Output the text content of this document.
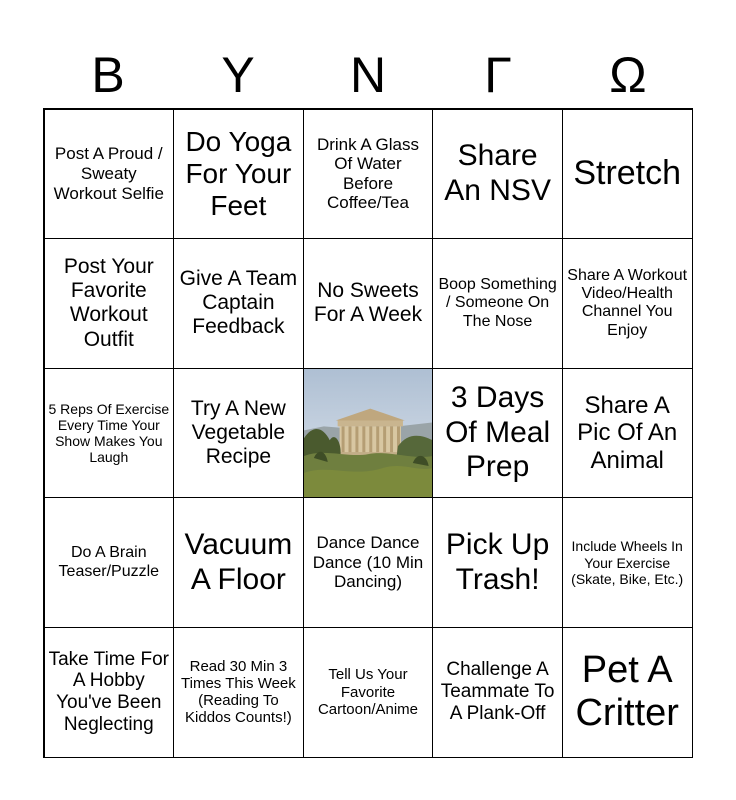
Β	Υ	Ν	Γ	Ω
Post A Proud / Sweaty Workout Selfie
Do Yoga For Your Feet
Drink A Glass Of Water Before Coffee/Tea
Share An NSV Stretch
Post Your Favorite Workout Outfit
Give A Team Captain Feedback
No Sweets For A Week
Boop Something / Someone On The Nose
Share A Workout Video/Health Channel You Enjoy
5 Reps Of Exercise Every Time Your Show Makes You Laugh
Try A New Vegetable Recipe
3 Days Of Meal Prep
Share A Pic Of An Animal
Do A Brain Teaser/Puzzle
Vacuum A Floor
Dance Dance Dance (10 Min Dancing)
Pick Up Trash!
Include Wheels In Your Exercise (Skate, Bike, Etc.)
Take Time For A Hobby You've Been Neglecting
Read 30 Min 3 Times This Week (Reading To Kiddos Counts!)
Tell Us Your Favorite Cartoon/Anime
Challenge A Teammate To A Plank-Off
Pet A Critter
